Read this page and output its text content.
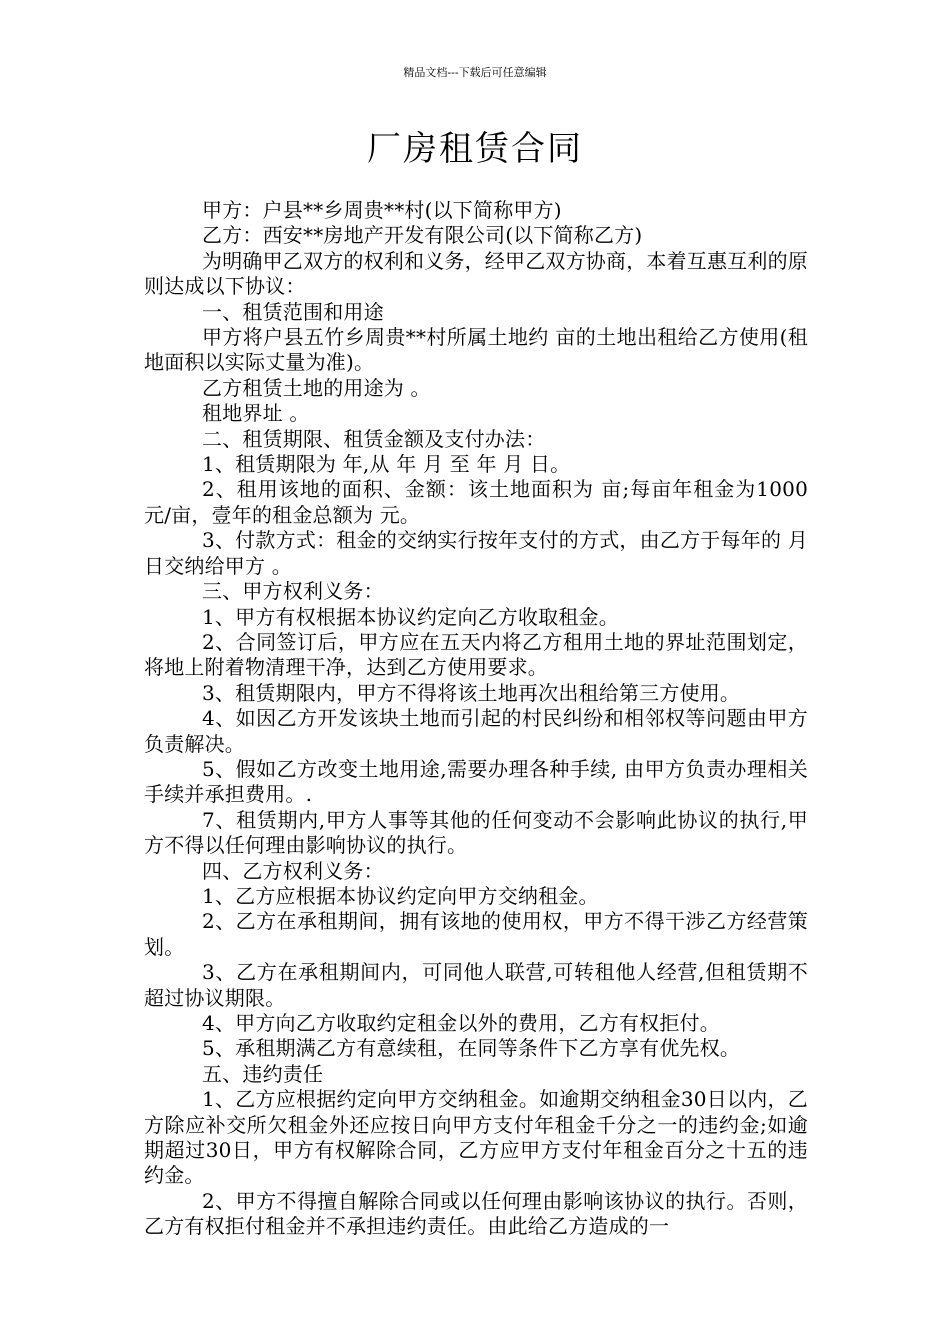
精品文档---下载后可任意编辑
厂房租赁合同

甲方：户县**乡周贵**村(以下简称甲方)

乙方：西安**房地产开发有限公司(以下简称乙方)

为明确甲乙双方的权利和义务，经甲乙双方协商，本着互惠互利的原则达成以下协议：

一、租赁范围和用途

甲方将户县五竹乡周贵**村所属土地约 亩的土地出租给乙方使用(租地面积以实际丈量为准)。

乙方租赁土地的用途为 。

租地界址 。

二、租赁期限、租赁金额及支付办法：

1、租赁期限为 年,从 年 月 至 年 月 日。

2、租用该地的面积、金额：该土地面积为 亩;每亩年租金为1000元/亩，壹年的租金总额为 元。

3、付款方式：租金的交纳实行按年支付的方式，由乙方于每年的 月 日交纳给甲方 。

三、甲方权利义务：

1、甲方有权根据本协议约定向乙方收取租金。

2、合同签订后，甲方应在五天内将乙方租用土地的界址范围划定，将地上附着物清理干净，达到乙方使用要求。

3、租赁期限内，甲方不得将该土地再次出租给第三方使用。

4、如因乙方开发该块土地而引起的村民纠纷和相邻权等问题由甲方负责解决。

5、假如乙方改变土地用途,需要办理各种手续, 由甲方负责办理相关手续并承担费用。.

7、租赁期内,甲方人事等其他的任何变动不会影响此协议的执行,甲方不得以任何理由影响协议的执行。

四、乙方权利义务：

1、乙方应根据本协议约定向甲方交纳租金。

2、乙方在承租期间，拥有该地的使用权，甲方不得干涉乙方经营策划。

3、乙方在承租期间内，可同他人联营,可转租他人经营,但租赁期不超过协议期限。

4、甲方向乙方收取约定租金以外的费用，乙方有权拒付。

5、承租期满乙方有意续租，在同等条件下乙方享有优先权。

五、违约责任

1、乙方应根据约定向甲方交纳租金。如逾期交纳租金30日以内，乙方除应补交所欠租金外还应按日向甲方支付年租金千分之一的违约金;如逾期超过30日，甲方有权解除合同，乙方应甲方支付年租金百分之十五的违约金。

2、甲方不得擅自解除合同或以任何理由影响该协议的执行。否则，乙方有权拒付租金并不承担违约责任。由此给乙方造成的一
